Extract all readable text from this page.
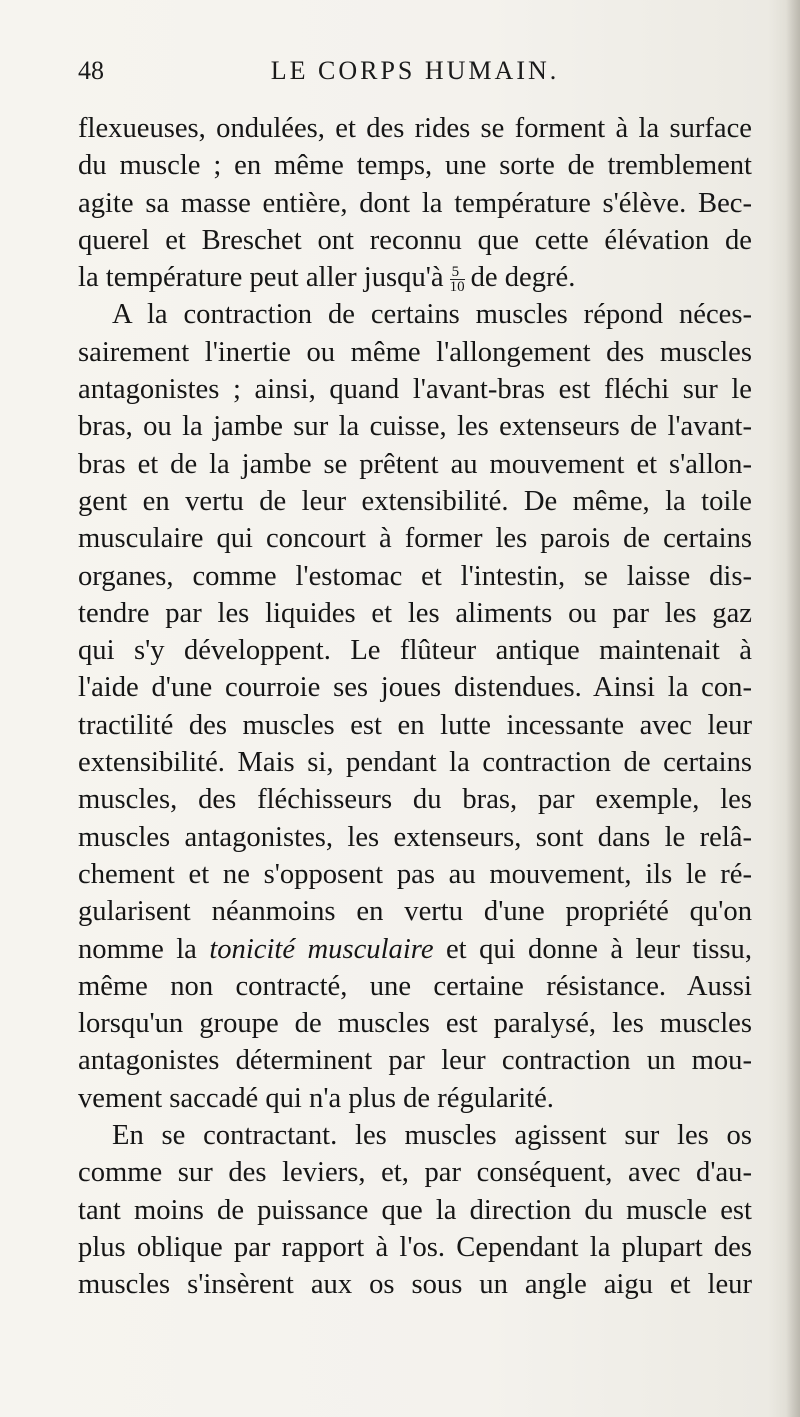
48	LE CORPS HUMAIN.
flexueuses, ondulées, et des rides se forment à la surface
du muscle ; en même temps, une sorte de tremblement
agite sa masse entière, dont la température s'élève. Bec-
querel et Breschet ont reconnu que cette élévation de
la température peut aller jusqu'à $\frac{5}{10}$ de degré.
A la contraction de certains muscles répond néces-
sairement l'inertie ou même l'allongement des muscles
antagonistes ; ainsi, quand l'avant-bras est fléchi sur le
bras, ou la jambe sur la cuisse, les extenseurs de l'avant-
bras et de la jambe se prêtent au mouvement et s'allon-
gent en vertu de leur extensibilité. De même, la toile
musculaire qui concourt à former les parois de certains
organes, comme l'estomac et l'intestin, se laisse dis-
tendre par les liquides et les aliments ou par les gaz
qui s'y développent. Le flûteur antique maintenait à
l'aide d'une courroie ses joues distendues. Ainsi la con-
tractilité des muscles est en lutte incessante avec leur
extensibilité. Mais si, pendant la contraction de certains
muscles, des fléchisseurs du bras, par exemple, les
muscles antagonistes, les extenseurs, sont dans le relâ-
chement et ne s'opposent pas au mouvement, ils le ré-
gularisent néanmoins en vertu d'une propriété qu'on
nomme la tonicité musculaire et qui donne à leur tissu,
même non contracté, une certaine résistance. Aussi
lorsqu'un groupe de muscles est paralysé, les muscles
antagonistes déterminent par leur contraction un mou-
vement saccadé qui n'a plus de régularité.
En se contractant. les muscles agissent sur les os
comme sur des leviers, et, par conséquent, avec d'au-
tant moins de puissance que la direction du muscle est
plus oblique par rapport à l'os. Cependant la plupart des
muscles s'insèrent aux os sous un angle aigu et leur
